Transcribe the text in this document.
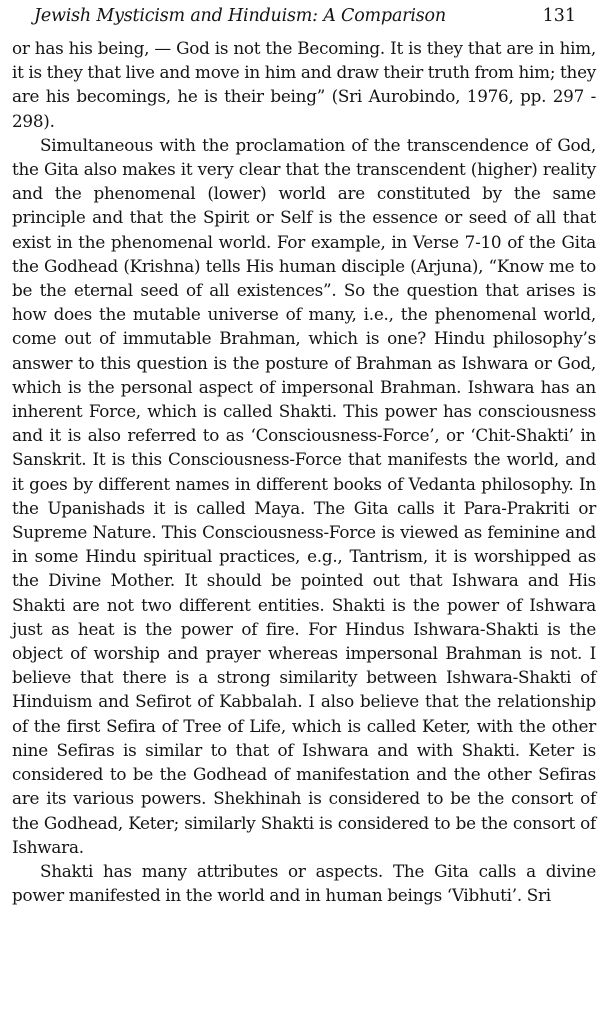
Jewish Mysticism and Hinduism: A Comparison	131

or has his being, — God is not the Becoming. It is they that are in him, it is they that live and move in him and draw their truth from him; they are his becomings, he is their being” (Sri Aurobindo, 1976, pp. 297 - 298).

Simultaneous with the proclamation of the transcendence of God, the Gita also makes it very clear that the transcendent (higher) reality and the phenomenal (lower) world are constituted by the same principle and that the Spirit or Self is the essence or seed of all that exist in the phenomenal world. For example, in Verse 7-10 of the Gita the Godhead (Krishna) tells His human disciple (Arjuna), “Know me to be the eternal seed of all existences”. So the question that arises is how does the mutable universe of many, i.e., the phenomenal world, come out of immutable Brahman, which is one? Hindu philosophy’s answer to this question is the posture of Brahman as Ishwara or God, which is the personal aspect of impersonal Brahman. Ishwara has an inherent Force, which is called Shakti. This power has consciousness and it is also referred to as ‘Consciousness-Force’, or ‘Chit-Shakti’ in Sanskrit. It is this Consciousness-Force that manifests the world, and it goes by different names in different books of Vedanta philosophy. In the Upanishads it is called Maya. The Gita calls it Para-Prakriti or Supreme Nature. This Consciousness-Force is viewed as feminine and in some Hindu spiritual practices, e.g., Tantrism, it is worshipped as the Divine Mother. It should be pointed out that Ishwara and His Shakti are not two different entities. Shakti is the power of Ishwara just as heat is the power of fire. For Hindus Ishwara-Shakti is the object of worship and prayer whereas impersonal Brahman is not. I believe that there is a strong similarity between Ishwara-Shakti of Hinduism and Sefirot of Kabbalah. I also believe that the relationship of the first Sefira of Tree of Life, which is called Keter, with the other nine Sefiras is similar to that of Ishwara and with Shakti. Keter is considered to be the Godhead of manifestation and the other Sefiras are its various powers. Shekhinah is considered to be the consort of the Godhead, Keter; similarly Shakti is considered to be the consort of Ishwara.

Shakti has many attributes or aspects. The Gita calls a divine power manifested in the world and in human beings ‘Vibhuti’. Sri
